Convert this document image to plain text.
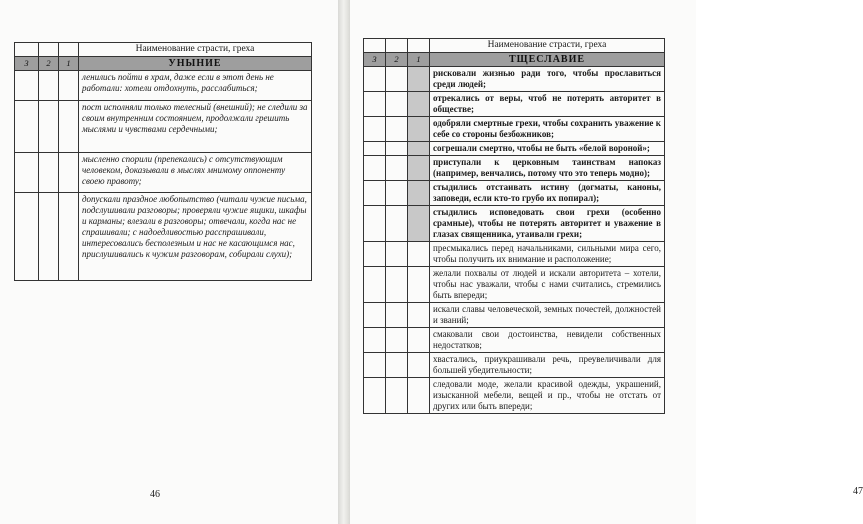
			Наименование страсти, греха
3	2	1	УНЫНИЕ
			ленились пойти в храм, даже если в этот день не работали: хотели отдохнуть, расслабиться;
			пост исполняли только телесный (внешний); не следили за своим внутренним состоянием, продолжали грешить мыслями и чувствами сердечными;
			мысленно спорили (препекались) с отсутствующим человеком, доказывали в мыслях мнимому оппоненту своею правоту;
			допускали праздное любопытство (читали чужие письма, подслушивали разговоры; проверяли чужие ящики, шкафы и карманы; влезали в разговоры; отвечали, когда нас не спрашивали; с надоедливостью расспрашивали, интересовались бесполезным и нас не касающимся нас, прислушивались к чужим разговорам, собирали слухи);
46
			Наименование страсти, греха
3	2	1	ТЩЕСЛАВИЕ
			рисковали жизнью ради того, чтобы прославиться среди людей;
			отрекались от веры, чтоб не потерять авторитет в обществе;
			одобряли смертные грехи, чтобы сохранить уважение к себе со стороны безбожников;
			согрешали смертно, чтобы не быть «белой вороной»;
			приступали к церковным таинствам напоказ (например, венчались, потому что это теперь модно);
			стыдились отстаивать истину (догматы, каноны, заповеди, если кто-то грубо их попирал);
			стыдились исповедовать свои грехи (особенно срамные), чтобы не потерять авторитет и уважение в глазах священника, утаивали грехи;
			пресмыкались перед начальниками, сильными мира сего, чтобы получить их внимание и расположение;
			желали похвалы от людей и искали авторитета – хотели, чтобы нас уважали, чтобы с нами считались, стремились быть впереди;
			искали славы человеческой, земных почестей, должностей и званий;
			смаковали свои достоинства, невидели собственных недостатков;
			хвастались, приукрашивали речь, преувеличивали для большей убедительности;
			следовали моде, желали красивой одежды, украшений, изысканной мебели, вещей и пр., чтобы не отстать от других или быть впереди;
47
